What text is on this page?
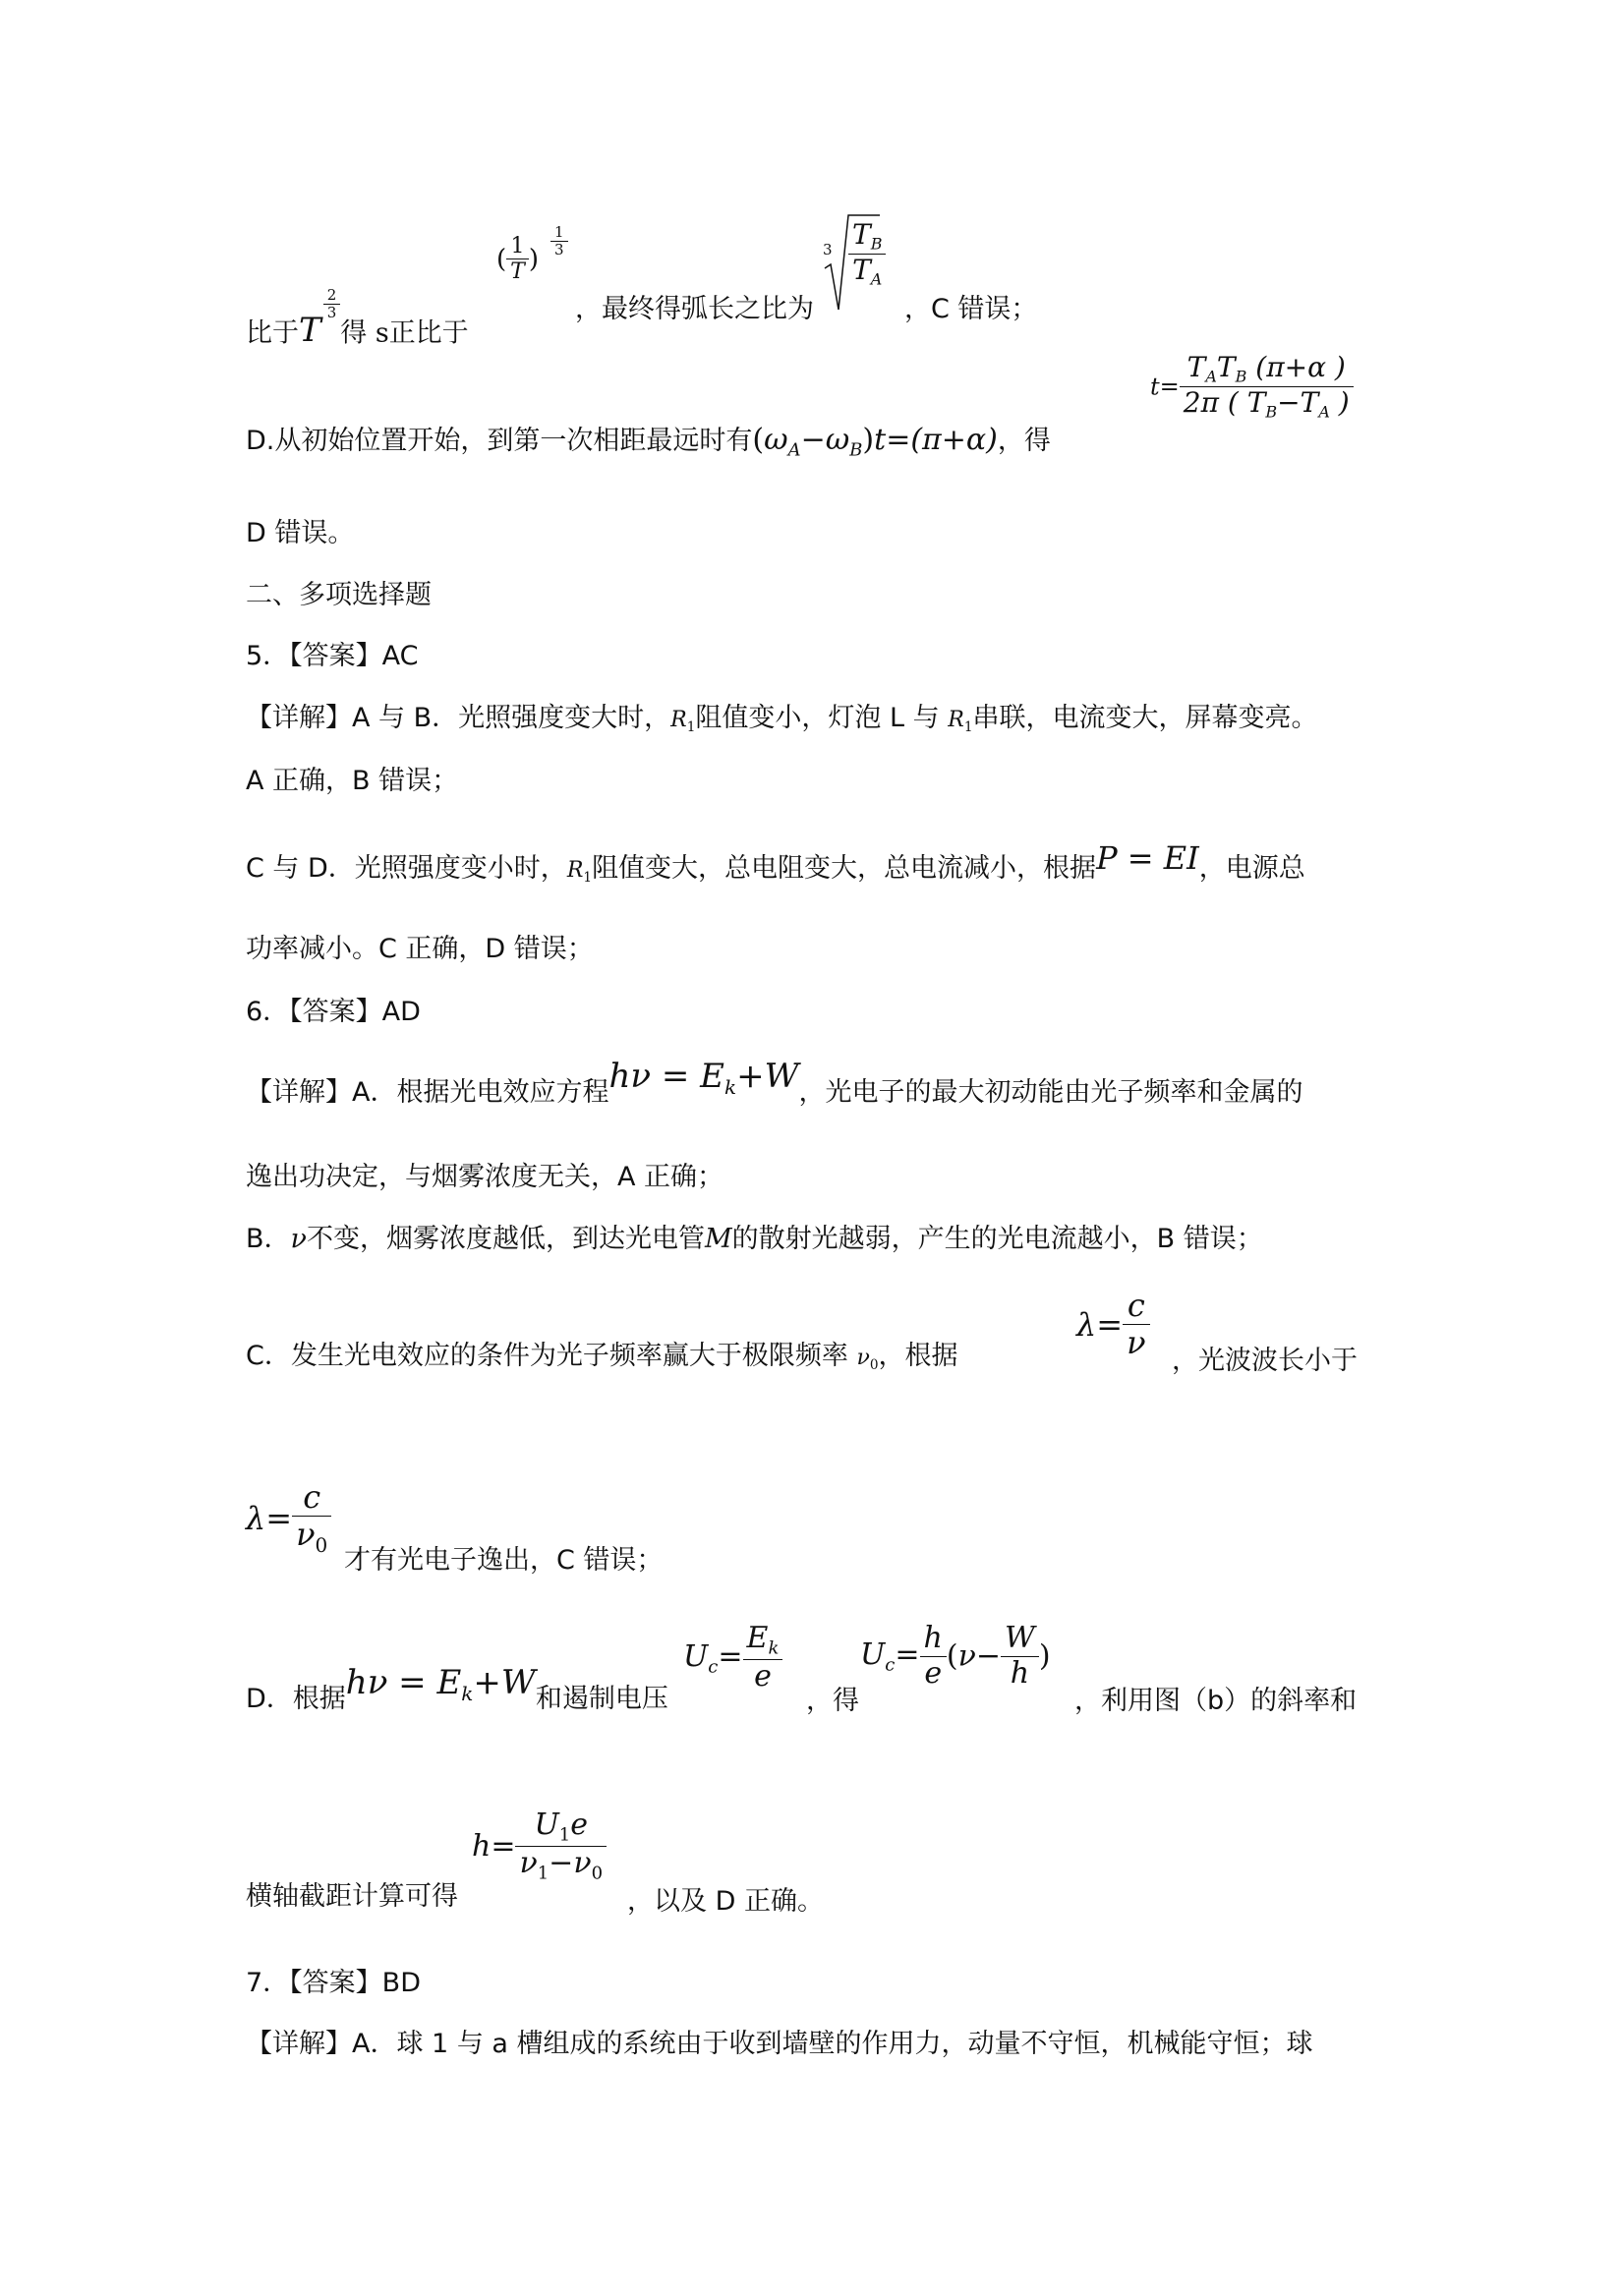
比于T
$\frac{2}{3}$
得 s正比于
( $\frac{1}{T}$ )
$\frac{1}{3}$
，最终得弧长之比为
$3 \frac{T_B}{T_A}$
，C 错误；
D.从初始位置开始，到第一次相距最远时有$(\omega_A-\omega_B)t=(\pi+\alpha)$，得
$t= \frac{T_AT_B (\pi+\alpha )}{2\pi ( T_B-T_A )}$
D 错误。
二、多项选择题
5．【答案】AC
【详解】A 与 B．光照强度变大时，$R_1$阻值变小，灯泡 L 与 $R_1$串联，电流变大，屏幕变亮。
A 正确，B 错误；
C 与 D．光照强度变小时，$R_1$阻值变大，总电阻变大，总电流减小，根据P = EI，电源总
功率减小。C 正确，D 错误；
6．【答案】AD
【详解】A．根据光电效应方程$h\nu = E_k+W$，光电子的最大初动能由光子频率和金属的
逸出功决定，与烟雾浓度无关，A 正确；
B．ν不变，烟雾浓度越低，到达光电管M的散射光越弱，产生的光电流越小，B 错误；
C．发生光电效应的条件为光子频率赢大于极限频率 $\nu_0$，根据
$\lambda= \frac{c}{\nu}$ ，光波波长小于
$\lambda= \frac{c}{\nu_0}$
才有光电子逸出，C 错误；
D．根据$h\nu = E_k+W$和遏制电压
$U_c= \frac{E_k}{e}$
，得
$U_c= \frac{h}{e} (\nu- \frac{W}{h}$ )
，利用图（b）的斜率和
$h= \frac{U_1e}{\nu_1-\nu_0}$
横轴截距计算可得	，以及 D 正确。
7．【答案】BD
【详解】A．球 1 与 a 槽组成的系统由于收到墙壁的作用力，动量不守恒，机械能守恒；球
